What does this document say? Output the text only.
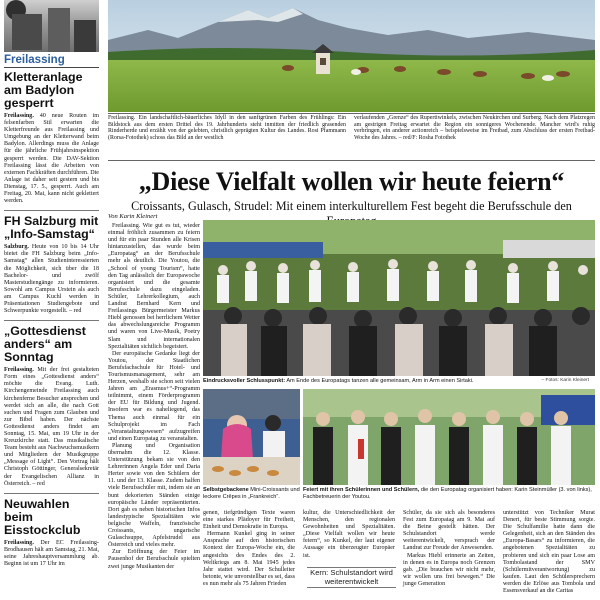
Freilassing
Kletteranlage am Badylon gesperrt
Freilassing. 40 neue Routen im felsenfarben Stil erwarten die Kletterfreunde aus Freilassing und Umgebung an der Kletterwand beim Badylon. Allerdings muss die Anlage für die jährliche Frühjahrsinspektion gesperrt werden. Die DAV-Sektion Freilassing lässt die Arbeiten von externen Fachkräften durchführen. Die Anlage ist daher seit gestern und bis Dienstag, 17. 5., gesperrt. Auch am Freitag, 20. Mai, kann nicht geklettert werden.
FH Salzburg mit „Info-Samstag“
Salzburg. Heute von 10 bis 14 Uhr bietet die FH Salzburg beim „Info-Samstag“ allen Studieninteressierten die Möglichkeit, sich über die 18 Bachelor- und zwölf Masterstudiengänge zu informieren. Sowohl am Campus Urstein als auch am Campus Kuchl werden in Präsentationen Studiengebote und Schwerpunkte vorgestellt. – red
„Gottesdienst anders“ am Sonntag
Freilassing. Mit der frei gestalteten Form eines „Gottesdienst anders“ möchte die Evang. Luth. Kirchengemeinde Freilassing auch kirchenferne Besucher ansprechen und werdet sich an alle, die nach Gott suchen und Fragen zum Glauben und zur Bibel haben. Der nächste Gottesdienst anders findet am Sonntag, 15. Mai, um 19 Uhr in der Kreuzkirche statt. Das musikalische Team besteht aus Nachwuchsmusikern und Mitgliedern der Musikgruppe „Message of Light“. Den Vortrag hält Christoph Göttinger, Generalsekretär der Evangelischen Allianz in Österreich. – red
Neuwahlen beim Eisstockclub
Freilassing. Der EC Freilassing-Brodhausen hält am Samstag, 21. Mai, seine Jahreshauptversammlung ab. Beginn ist um 17 Uhr im
Freilassing. Ein landschaftlich-bäuerliches Idyll in den sanftgrünen Farben des Frühlings: Ein Bildstock aus dem ersten Drittel des 19. Jahrhunderts steht inmitten der friedlich grasenden Rinderherde und erzählt von der gelebten, christlich geprägten Kultur des Landes. Rosi Pfammann (Rorsa-Fotothek) schoss das Bild an der westlich
verlaufenden „Grenze“ des Rupertiwinkels, zwischen Neukirchen und Surberg. Nach dem Platzregen am gestrigen Freitag erwartet die Region ein sonnigeres Wochenende. Mancher wird's ruhig verbringen, ein anderer actionreich – beispielsweise im Freibad, zum Abschluss der ersten Freibad-Woche des Jahres. – red/F: Rosha Fotothek
„Diese Vielfalt wollen wir heute feiern“
Croissants, Gulasch, Strudel: Mit einem interkulturellem Fest begeht die Berufsschule den
Von Karin Kleinert

Freilassing. Wie gut es tut, wieder einmal fröhlich zusammen zu feiern und für ein paar Stunden alle Krisen hintanzustellen, das wurde beim „Europatag“ an der Berufsschule mehr als deutlich. Die Youtou, die „School of young Tourism“, hatte den Tag anlässlich der Europawoche organisiert und die gesamte Berufsschule dazu eingeladen. Schüler, Lehrerkollegium, auch Landrat Bernhard Kern und Freilassings Bürgermeister Markus Hiebl genossen bei herrlichem Wetter das abwechslungsreiche Programm und waren von Live-Musik, Poetry Slam und internationalen Spezialitäten sichtlich begeistert.

Der europäische Gedanke liegt der Youtou, der Staatlichen Berufsfachschule für Hotel- und Tourismusmanagement, sehr am Herzen, weshalb sie schon seit vielen Jahren am „Erasmus+“-Programm teilnimmt, einem Förderprogramm der EU für Bildung und Jugend. Insofern war es naheliegend, das Thema auch einmal für ein Schulprojekt im Fach „Veranstaltungswesen“ aufzugreifen und einen Europatag zu veranstalten.

Planung und Organisation übernahm die 12. Klasse. Unterstützung bekam sie von den Lehrerinnen Angela Eder und Daria Herter sowie von den Schülern der 11. und der 13. Klasse. Zudem halfen viele Berufsschüler mit, indem sie an bunt dekorierten Ständen einige europäische Länder repräsentierten. Dort gab es neben historischen Infos landestypische Spezialitäten wie belgische Waffeln, französische Croissants, ungarische Gulaschsuppe, Apfelstrudel aus Österreich und vieles mehr.

Zur Eröffnung der Feier im Pausenhof der Berufsschule spielten zwei junge Musikanten der

Eindrucksvoller Schlusspunkt: Am Ende des Europatags tanzen alle gemeinsam, Arm in Arm einen Sirtaki.	– Fotos: Karin Kleinert
Selbstgebackene Mini-Croissants und leckere Crêpes in „Frankreich“.
Feiert mit ihren Schülerinnen und Schülern, die den Europatag organisiert haben: Karin Steinmüller (3. von links), Fachbetreuerin der Youtou.

genen, tiefgründigen Texte waren eine starkes Plädoyer für Freiheit, Einheit und Demokratie in Europa.

Hermann Kunkel ging in seiner Ansprache auf den historischen Kontext der Europa-Woche ein, die angesichts des Endes des 2. Weltkriegs am 8. Mai 1945 jedes Jahr stattet wird. Der Schulleiter betonte, wie unvorstellbar es sei, dass es nun mehr als 75 Jahren Frieden

kultur, die Unterschiedlichkeit der Menschen, den regionalen Gewohnheiten und Spezialitäten. „Diese Vielfalt wollen wir heute feiern“, so Kunkel, der laut eigener Aussage ein überzeugter Europäer ist.

Kern: Schulstandort wird weiterentwickelt

Schüler, da sie sich als besonderes Fest zum Europatag am 9. Mai auf die Beine gestellt hätten. Der Schulstandort werde weiterentwickelt, versprach der Landrat zur Freude der Anwesenden.

Markus Hiebl erinnerte an Zeiten, in denen es in Europa noch Grenzen gab. „Die brauchen wir nicht mehr, wir wollen uns frei bewegen.“ Die junge Generation

unterstützt von Techniker Murat Deneri, für beste Stimmung sorgte. Die Schulfamilie hatte dann die Gelegenheit, sich an den Ständen des „Europa-Basars“ zu informieren, die angebotenen Spezialitäten zu probieren und sich ein paar Lose am Tombolastand der SMV (Schülermitverantwortung) zu kaufen. Laut den Schülersprechern werden die Erlöse aus Tombola und Essensverkauf an die Caritas
